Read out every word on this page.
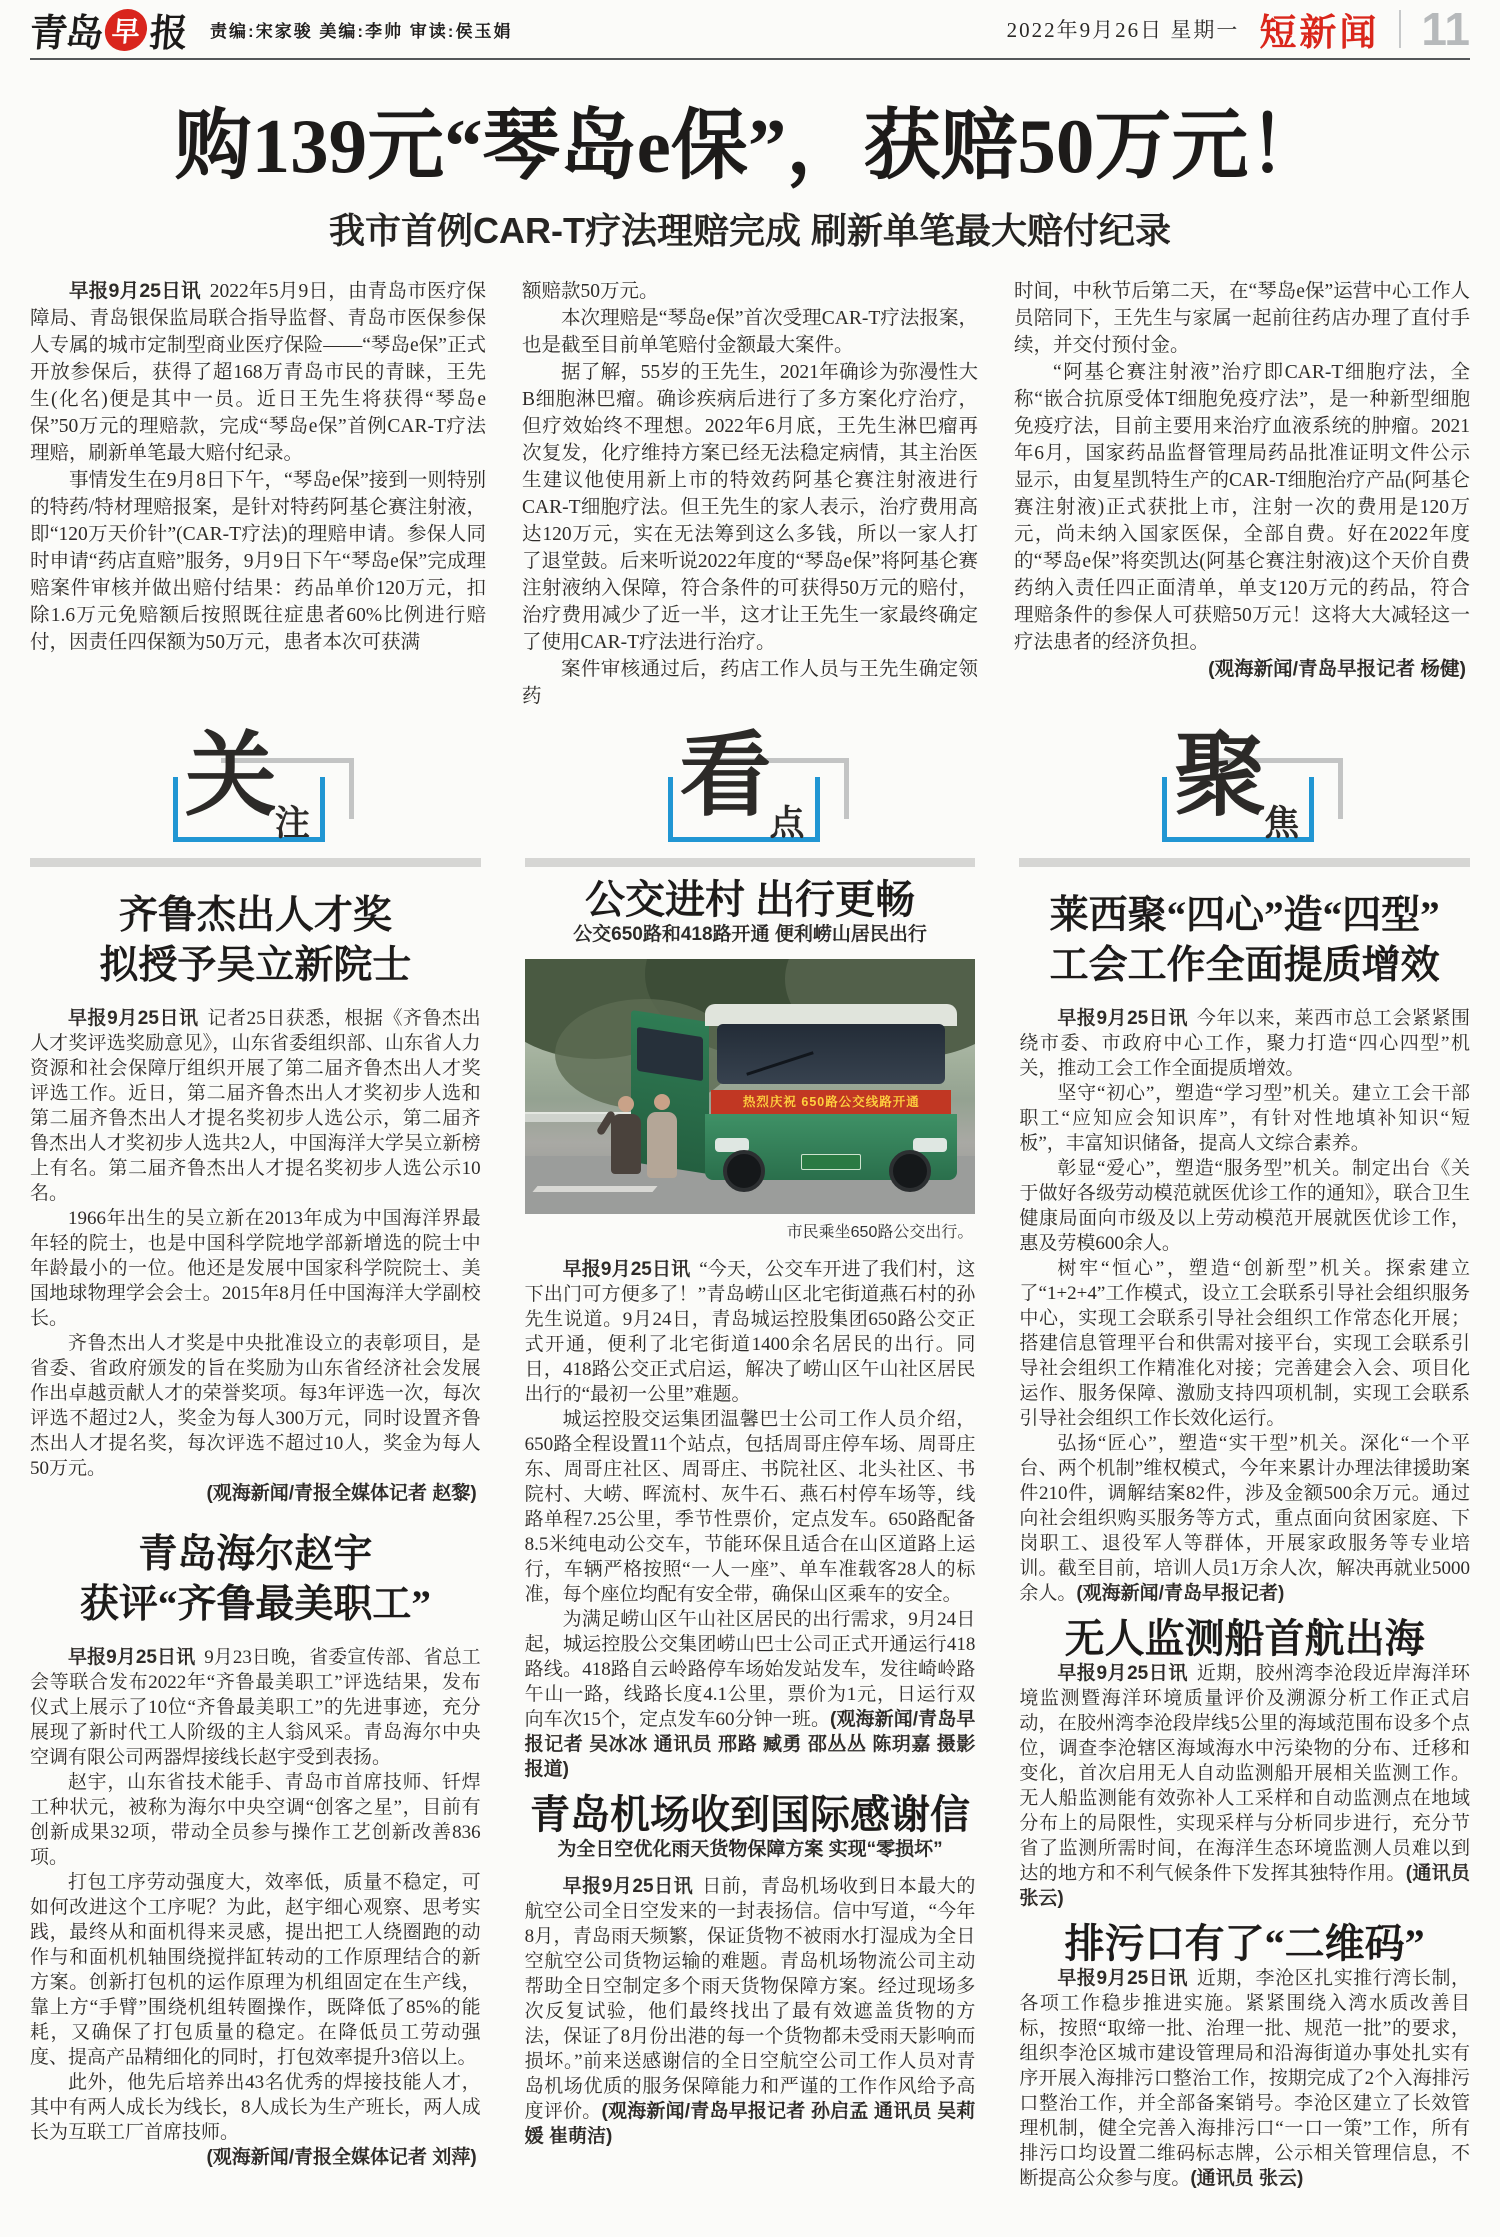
青岛 早 报 责编:宋家骏 美编:李帅 审读:侯玉娟	2022年9月26日 星期一 短新闻 11
购139元“琴岛e保”，获赔50万元！
我市首例CAR-T疗法理赔完成 刷新单笔最大赔付纪录

早报9月25日讯 2022年5月9日，由青岛市医疗保障局、青岛银保监局联合指导监督、青岛市医保参保人专属的城市定制型商业医疗保险——“琴岛e保”正式开放参保后，获得了超168万青岛市民的青睐，王先生(化名)便是其中一员。近日王先生将获得“琴岛e保”50万元的理赔款，完成“琴岛e保”首例CAR-T疗法理赔，刷新单笔最大赔付纪录。

事情发生在9月8日下午，“琴岛e保”接到一则特别的特药/特材理赔报案，是针对特药阿基仑赛注射液，即“120万天价针”(CAR-T疗法)的理赔申请。参保人同时申请“药店直赔”服务，9月9日下午“琴岛e保”完成理赔案件审核并做出赔付结果：药品单价120万元，扣除1.6万元免赔额后按照既往症患者60%比例进行赔付，因责任四保额为50万元，患者本次可获满

额赔款50万元。

本次理赔是“琴岛e保”首次受理CAR-T疗法报案，也是截至目前单笔赔付金额最大案件。

据了解，55岁的王先生，2021年确诊为弥漫性大B细胞淋巴瘤。确诊疾病后进行了多方案化疗治疗，但疗效始终不理想。2022年6月底，王先生淋巴瘤再次复发，化疗维持方案已经无法稳定病情，其主治医生建议他使用新上市的特效药阿基仑赛注射液进行CAR-T细胞疗法。但王先生的家人表示，治疗费用高达120万元，实在无法筹到这么多钱，所以一家人打了退堂鼓。后来听说2022年度的“琴岛e保”将阿基仑赛注射液纳入保障，符合条件的可获得50万元的赔付，治疗费用减少了近一半，这才让王先生一家最终确定了使用CAR-T疗法进行治疗。

案件审核通过后，药店工作人员与王先生确定领药

时间，中秋节后第二天，在“琴岛e保”运营中心工作人员陪同下，王先生与家属一起前往药店办理了直付手续，并交付预付金。

“阿基仑赛注射液”治疗即CAR-T细胞疗法，全称“嵌合抗原受体T细胞免疫疗法”，是一种新型细胞免疫疗法，目前主要用来治疗血液系统的肿瘤。2021年6月，国家药品监督管理局药品批准证明文件公示显示，由复星凯特生产的CAR-T细胞治疗产品(阿基仑赛注射液)正式获批上市，注射一次的费用是120万元，尚未纳入国家医保，全部自费。好在2022年度的“琴岛e保”将奕凯达(阿基仑赛注射液)这个天价自费药纳入责任四正面清单，单支120万元的药品，符合理赔条件的参保人可获赔50万元！这将大大减轻这一疗法患者的经济负担。

(观海新闻/青岛早报记者 杨健)

关
注
齐鲁杰出人才奖
拟授予吴立新院士

早报9月25日讯 记者25日获悉，根据《齐鲁杰出人才奖评选奖励意见》，山东省委组织部、山东省人力资源和社会保障厅组织开展了第二届齐鲁杰出人才奖评选工作。近日，第二届齐鲁杰出人才奖初步人选和第二届齐鲁杰出人才提名奖初步人选公示，第二届齐鲁杰出人才奖初步人选共2人，中国海洋大学吴立新榜上有名。第二届齐鲁杰出人才提名奖初步人选公示10名。

1966年出生的吴立新在2013年成为中国海洋界最年轻的院士，也是中国科学院地学部新增选的院士中年龄最小的一位。他还是发展中国家科学院院士、美国地球物理学会会士。2015年8月任中国海洋大学副校长。

齐鲁杰出人才奖是中央批准设立的表彰项目，是省委、省政府颁发的旨在奖励为山东省经济社会发展作出卓越贡献人才的荣誉奖项。每3年评选一次，每次评选不超过2人，奖金为每人300万元，同时设置齐鲁杰出人才提名奖，每次评选不超过10人，奖金为每人50万元。

(观海新闻/青报全媒体记者 赵黎)

青岛海尔赵宇
获评“齐鲁最美职工”

早报9月25日讯 9月23日晚，省委宣传部、省总工会等联合发布2022年“齐鲁最美职工”评选结果，发布仪式上展示了10位“齐鲁最美职工”的先进事迹，充分展现了新时代工人阶级的主人翁风采。青岛海尔中央空调有限公司两器焊接线长赵宇受到表扬。

赵宇，山东省技术能手、青岛市首席技师、钎焊工种状元，被称为海尔中央空调“创客之星”，目前有创新成果32项，带动全员参与操作工艺创新改善836项。

打包工序劳动强度大，效率低，质量不稳定，可如何改进这个工序呢？为此，赵宇细心观察、思考实践，最终从和面机得来灵感，提出把工人绕圈跑的动作与和面机机轴围绕搅拌缸转动的工作原理结合的新方案。创新打包机的运作原理为机组固定在生产线，靠上方“手臂”围绕机组转圈操作，既降低了85%的能耗，又确保了打包质量的稳定。在降低员工劳动强度、提高产品精细化的同时，打包效率提升3倍以上。

此外，他先后培养出43名优秀的焊接技能人才，其中有两人成长为线长，8人成长为生产班长，两人成长为互联工厂首席技师。

(观海新闻/青报全媒体记者 刘萍)

看
点
公交进村 出行更畅
公交650路和418路开通 便利崂山居民出行
热烈庆祝 650路公交线路开通
市民乘坐650路公交出行。

早报9月25日讯 “今天，公交车开进了我们村，这下出门可方便多了！”青岛崂山区北宅街道燕石村的孙先生说道。9月24日，青岛城运控股集团650路公交正式开通，便利了北宅街道1400余名居民的出行。同日，418路公交正式启运，解决了崂山区午山社区居民出行的“最初一公里”难题。

城运控股交运集团温馨巴士公司工作人员介绍，650路全程设置11个站点，包括周哥庄停车场、周哥庄东、周哥庄社区、周哥庄、书院社区、北头社区、书院村、大崂、晖流村、灰牛石、燕石村停车场等，线路单程7.25公里，季节性票价，定点发车。650路配备8.5米纯电动公交车，节能环保且适合在山区道路上运行，车辆严格按照“一人一座”、单车准载客28人的标准，每个座位均配有安全带，确保山区乘车的安全。

为满足崂山区午山社区居民的出行需求，9月24日起，城运控股公交集团崂山巴士公司正式开通运行418路线。418路自云岭路停车场始发站发车，发往崎岭路午山一路，线路长度4.1公里，票价为1元，日运行双向车次15个，定点发车60分钟一班。(观海新闻/青岛早报记者 吴冰冰 通讯员 邢路 臧勇 邵丛丛 陈玥嘉 摄影报道)

青岛机场收到国际感谢信
为全日空优化雨天货物保障方案 实现“零损坏”

早报9月25日讯 日前，青岛机场收到日本最大的航空公司全日空发来的一封表扬信。信中写道，“今年8月，青岛雨天频繁，保证货物不被雨水打湿成为全日空航空公司货物运输的难题。青岛机场物流公司主动帮助全日空制定多个雨天货物保障方案。经过现场多次反复试验，他们最终找出了最有效遮盖货物的方法，保证了8月份出港的每一个货物都未受雨天影响而损坏。”前来送感谢信的全日空航空公司工作人员对青岛机场优质的服务保障能力和严谨的工作作风给予高度评价。(观海新闻/青岛早报记者 孙启孟 通讯员 吴莉媛 崔萌洁)

聚
焦
莱西聚“四心”造“四型”
工会工作全面提质增效

早报9月25日讯 今年以来，莱西市总工会紧紧围绕市委、市政府中心工作，聚力打造“四心四型”机关，推动工会工作全面提质增效。

坚守“初心”，塑造“学习型”机关。建立工会干部职工“应知应会知识库”，有针对性地填补知识“短板”，丰富知识储备，提高人文综合素养。

彰显“爱心”，塑造“服务型”机关。制定出台《关于做好各级劳动模范就医优诊工作的通知》，联合卫生健康局面向市级及以上劳动模范开展就医优诊工作，惠及劳模600余人。

树牢“恒心”，塑造“创新型”机关。探索建立了“1+2+4”工作模式，设立工会联系引导社会组织服务中心，实现工会联系引导社会组织工作常态化开展；搭建信息管理平台和供需对接平台，实现工会联系引导社会组织工作精准化对接；完善建会入会、项目化运作、服务保障、激励支持四项机制，实现工会联系引导社会组织工作长效化运行。

弘扬“匠心”，塑造“实干型”机关。深化“一个平台、两个机制”维权模式，今年来累计办理法律援助案件210件，调解结案82件，涉及金额500余万元。通过向社会组织购买服务等方式，重点面向贫困家庭、下岗职工、退役军人等群体，开展家政服务等专业培训。截至目前，培训人员1万余人次，解决再就业5000余人。(观海新闻/青岛早报记者)

无人监测船首航出海

早报9月25日讯 近期，胶州湾李沧段近岸海洋环境监测暨海洋环境质量评价及溯源分析工作正式启动，在胶州湾李沧段岸线5公里的海域范围布设多个点位，调查李沧辖区海域海水中污染物的分布、迁移和变化，首次启用无人自动监测船开展相关监测工作。无人船监测能有效弥补人工采样和自动监测点在地域分布上的局限性，实现采样与分析同步进行，充分节省了监测所需时间，在海洋生态环境监测人员难以到达的地方和不利气候条件下发挥其独特作用。(通讯员 张云)

排污口有了“二维码”

早报9月25日讯 近期，李沧区扎实推行湾长制，各项工作稳步推进实施。紧紧围绕入湾水质改善目标，按照“取缔一批、治理一批、规范一批”的要求，组织李沧区城市建设管理局和沿海街道办事处扎实有序开展入海排污口整治工作，按期完成了2个入海排污口整治工作，并全部备案销号。李沧区建立了长效管理机制，健全完善入海排污口“一口一策”工作，所有排污口均设置二维码标志牌，公示相关管理信息，不断提高公众参与度。(通讯员 张云)
